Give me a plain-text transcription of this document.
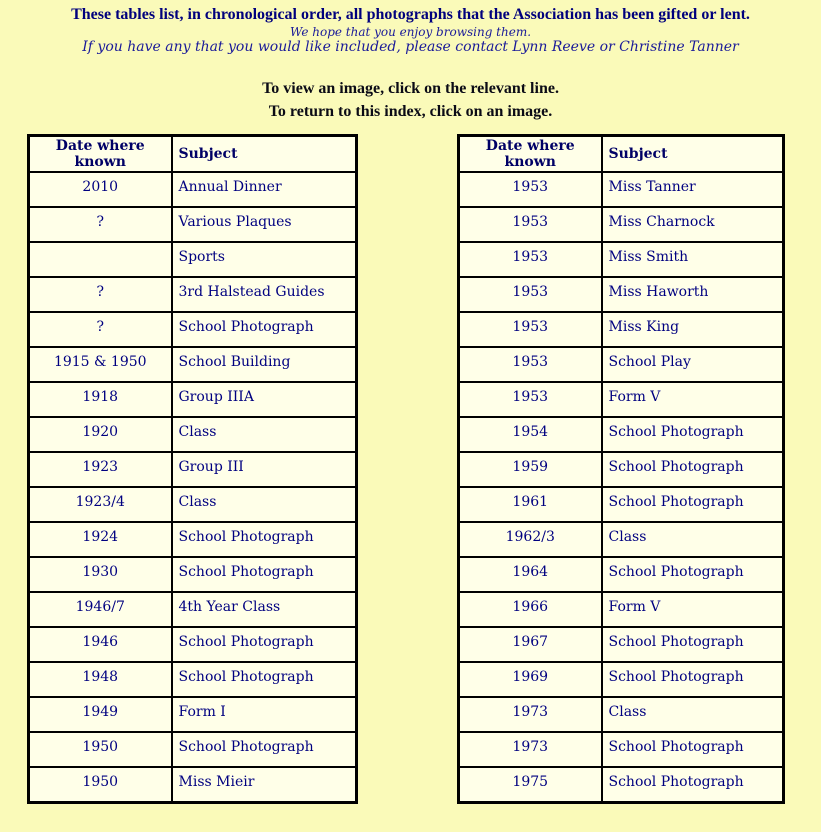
These tables list, in chronological order, all photographs that the Association has been gifted or lent.
We hope that you enjoy browsing them.
If you have any that you would like included, please contact Lynn Reeve or Christine Tanner
To view an image, click on the relevant line.
To return to this index, click on an image.
Date where known	Subject
2010	Annual Dinner
?	Various Plaques
	Sports
?	3rd Halstead Guides
?	School Photograph
1915 & 1950	School Building
1918	Group IIIA
1920	Class
1923	Group III
1923/4	Class
1924	School Photograph
1930	School Photograph
1946/7	4th Year Class
1946	School Photograph
1948	School Photograph
1949	Form I
1950	School Photograph
1950	Miss Mieir
Date where known	Subject
1953	Miss Tanner
1953	Miss Charnock
1953	Miss Smith
1953	Miss Haworth
1953	Miss King
1953	School Play
1953	Form V
1954	School Photograph
1959	School Photograph
1961	School Photograph
1962/3	Class
1964	School Photograph
1966	Form V
1967	School Photograph
1969	School Photograph
1973	Class
1973	School Photograph
1975	School Photograph
